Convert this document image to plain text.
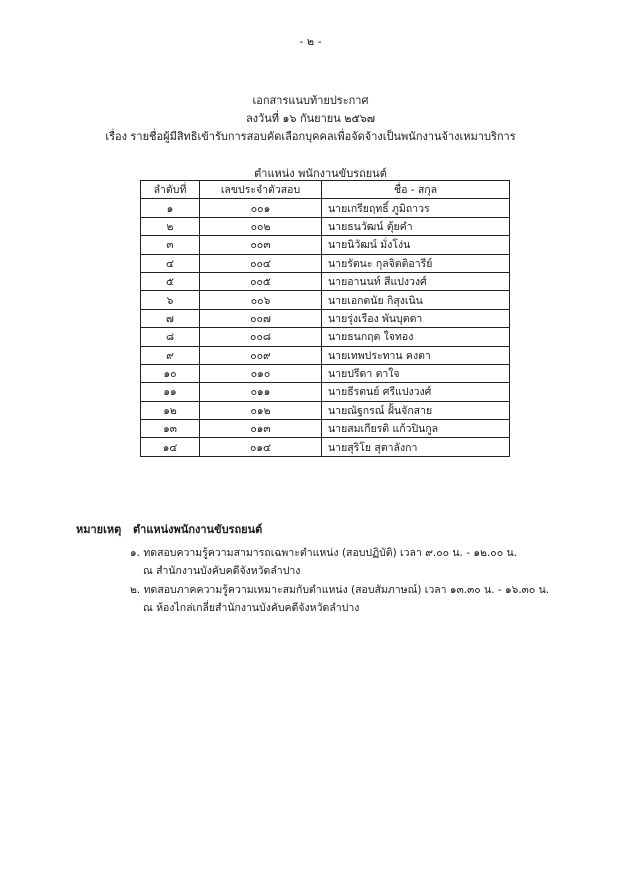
- ๒ -
เอกสารแนบท้ายประกาศ
ลงวันที่ ๑๖ กันยายน ๒๕๖๗
เรื่อง รายชื่อผู้มีสิทธิเข้ารับการสอบคัดเลือกบุคคลเพื่อจัดจ้างเป็นพนักงานจ้างเหมาบริการ
ตำแหน่ง พนักงานขับรถยนต์
ลำดับที่	เลขประจำตัวสอบ	ชื่อ - สกุล
๑	๐๐๑	นายเกรียฤทธิ์ ภูมิถาวร
๒	๐๐๒	นายธนวัฒน์ ตุ้ยคำ
๓	๐๐๓	นายนิวัฒน์ มั่งโง่น
๔	๐๐๔	นายรัตนะ กุลจิตติอารีย์
๕	๐๐๕	นายอานนท์ สีแปงวงศ์
๖	๐๐๖	นายเอกดนัย กิสุงเนิน
๗	๐๐๗	นายรุ่งเรือง พันบุตตา
๘	๐๐๘	นายธนกฤต ใจทอง
๙	๐๐๙	นายเทพประทาน คงตา
๑๐	๐๑๐	นายปรีดา ตาใจ
๑๑	๐๑๑	นายธีรตนย์ ศรีแปงวงศ์
๑๒	๐๑๒	นายณัฐกรณ์ ฝั้นจักสาย
๑๓	๐๑๓	นายสมเกียรติ แก้วปินกูล
๑๔	๐๑๔	นายสุริโย สุตาลังกา
หมายเหตุ ตำแหน่งพนักงานขับรถยนต์
๑. ทดสอบความรู้ความสามารถเฉพาะตำแหน่ง (สอบปฏิบัติ) เวลา ๙.๐๐ น. - ๑๒.๐๐ น.
ณ สำนักงานบังคับคดีจังหวัดลำปาง
๒. ทดสอบภาคความรู้ความเหมาะสมกับตำแหน่ง (สอบสัมภาษณ์) เวลา ๑๓.๓๐ น. - ๑๖.๓๐ น.
ณ ห้องไกล่เกลี่ยสำนักงานบังคับคดีจังหวัดลำปาง
